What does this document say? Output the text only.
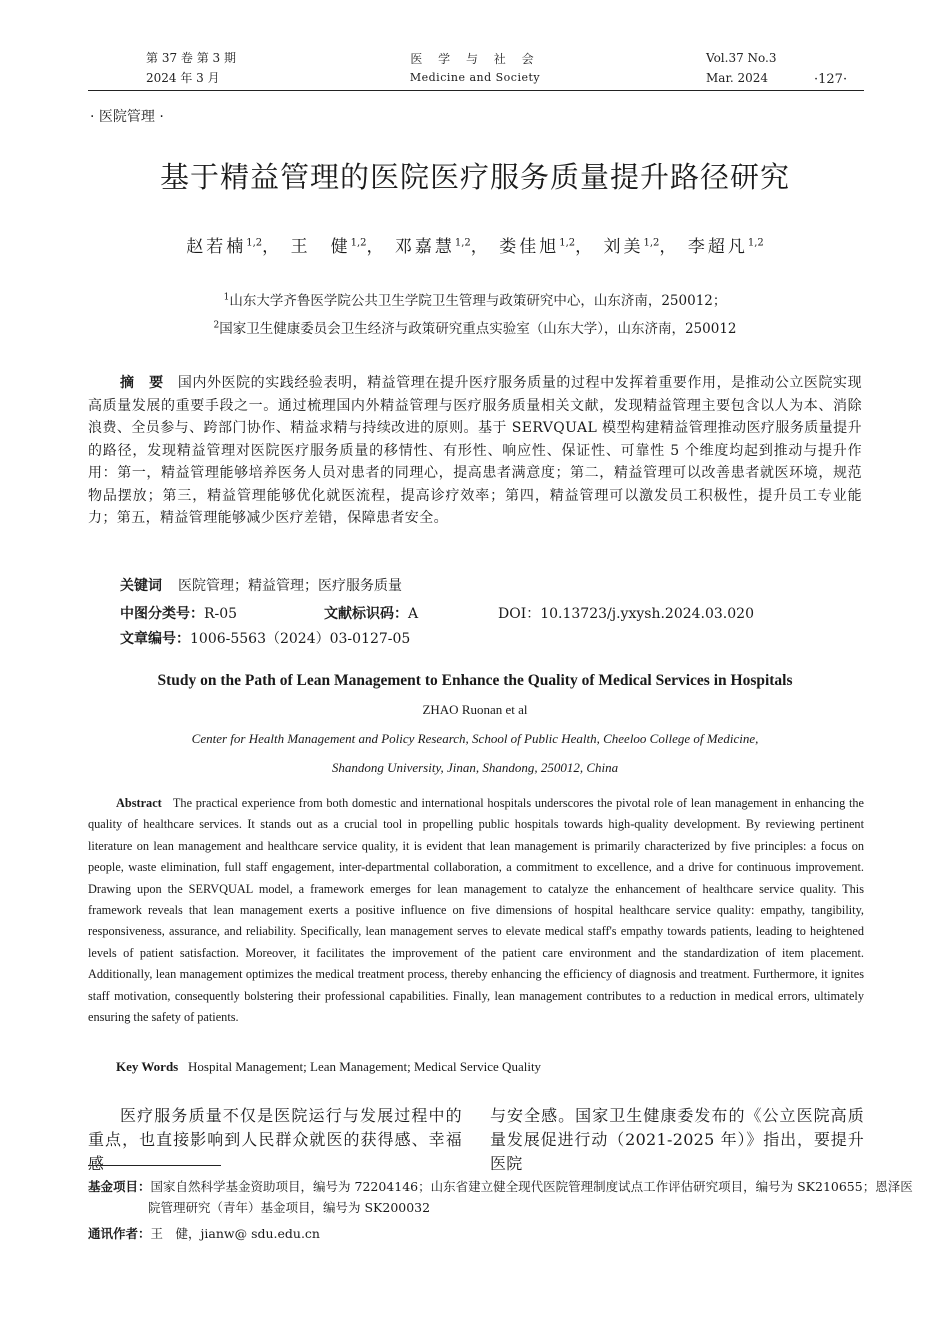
第 37 卷 第 3 期
2024 年 3 月
医 学 与 社 会
Medicine and Society
Vol.37 No.3
Mar. 2024	·127·
· 医院管理 ·
基于精益管理的医院医疗服务质量提升路径研究
赵若楠$^{1,2}$， 王　健$^{1,2}$， 邓嘉慧$^{1,2}$， 娄佳旭$^{1,2}$， 刘美$^{1,2}$， 李超凡$^{1,2}$
$^1$山东大学齐鲁医学院公共卫生学院卫生管理与政策研究中心，山东济南，250012；
$^2$国家卫生健康委员会卫生经济与政策研究重点实验室（山东大学），山东济南，250012
摘　要 国内外医院的实践经验表明，精益管理在提升医疗服务质量的过程中发挥着重要作用，是推动公立医院实现高质量发展的重要手段之一。通过梳理国内外精益管理与医疗服务质量相关文献，发现精益管理主要包含以人为本、消除浪费、全员参与、跨部门协作、精益求精与持续改进的原则。基于 SERVQUAL 模型构建精益管理推动医疗服务质量提升的路径，发现精益管理对医院医疗服务质量的移情性、有形性、响应性、保证性、可靠性 5 个维度均起到推动与提升作用：第一，精益管理能够培养医务人员对患者的同理心，提高患者满意度；第二，精益管理可以改善患者就医环境，规范物品摆放；第三，精益管理能够优化就医流程，提高诊疗效率；第四，精益管理可以激发员工积极性，提升员工专业能力；第五，精益管理能够减少医疗差错，保障患者安全。
关键词 医院管理；精益管理；医疗服务质量
中图分类号：R-05	文献标识码：A	DOI：10.13723/j.yxysh.2024.03.020
文章编号：1006-5563（2024）03-0127-05
Study on the Path of Lean Management to Enhance the Quality of Medical Services in Hospitals
ZHAO Ruonan et al
Center for Health Management and Policy Research, School of Public Health, Cheeloo College of Medicine,
Shandong University, Jinan, Shandong, 250012, China
Abstract The practical experience from both domestic and international hospitals underscores the pivotal role of lean management in enhancing the quality of healthcare services. It stands out as a crucial tool in propelling public hospitals towards high-quality development. By reviewing pertinent literature on lean management and healthcare service quality, it is evident that lean management is primarily characterized by five principles: a focus on people, waste elimination, full staff engagement, inter-departmental collaboration, a commitment to excellence, and a drive for continuous improvement. Drawing upon the SERVQUAL model, a framework emerges for lean management to catalyze the enhancement of healthcare service quality. This framework reveals that lean management exerts a positive influence on five dimensions of hospital healthcare service quality: empathy, tangibility, responsiveness, assurance, and reliability. Specifically, lean management serves to elevate medical staff's empathy towards patients, leading to heightened levels of patient satisfaction. Moreover, it facilitates the improvement of the patient care environment and the standardization of item placement. Additionally, lean management optimizes the medical treatment process, thereby enhancing the efficiency of diagnosis and treatment. Furthermore, it ignites staff motivation, consequently bolstering their professional capabilities. Finally, lean management contributes to a reduction in medical errors, ultimately ensuring the safety of patients.
Key Words Hospital Management; Lean Management; Medical Service Quality
医疗服务质量不仅是医院运行与发展过程中的重点，也直接影响到人民群众就医的获得感、幸福感
与安全感。国家卫生健康委发布的《公立医院高质量发展促进行动（2021-2025 年）》指出，要提升医院
基金项目：国家自然科学基金资助项目，编号为 72204146；山东省建立健全现代医院管理制度试点工作评估研究项目，编号为 SK210655；恩泽医院管理研究（青年）基金项目，编号为 SK200032
通讯作者：王　健，jianw@ sdu.edu.cn
